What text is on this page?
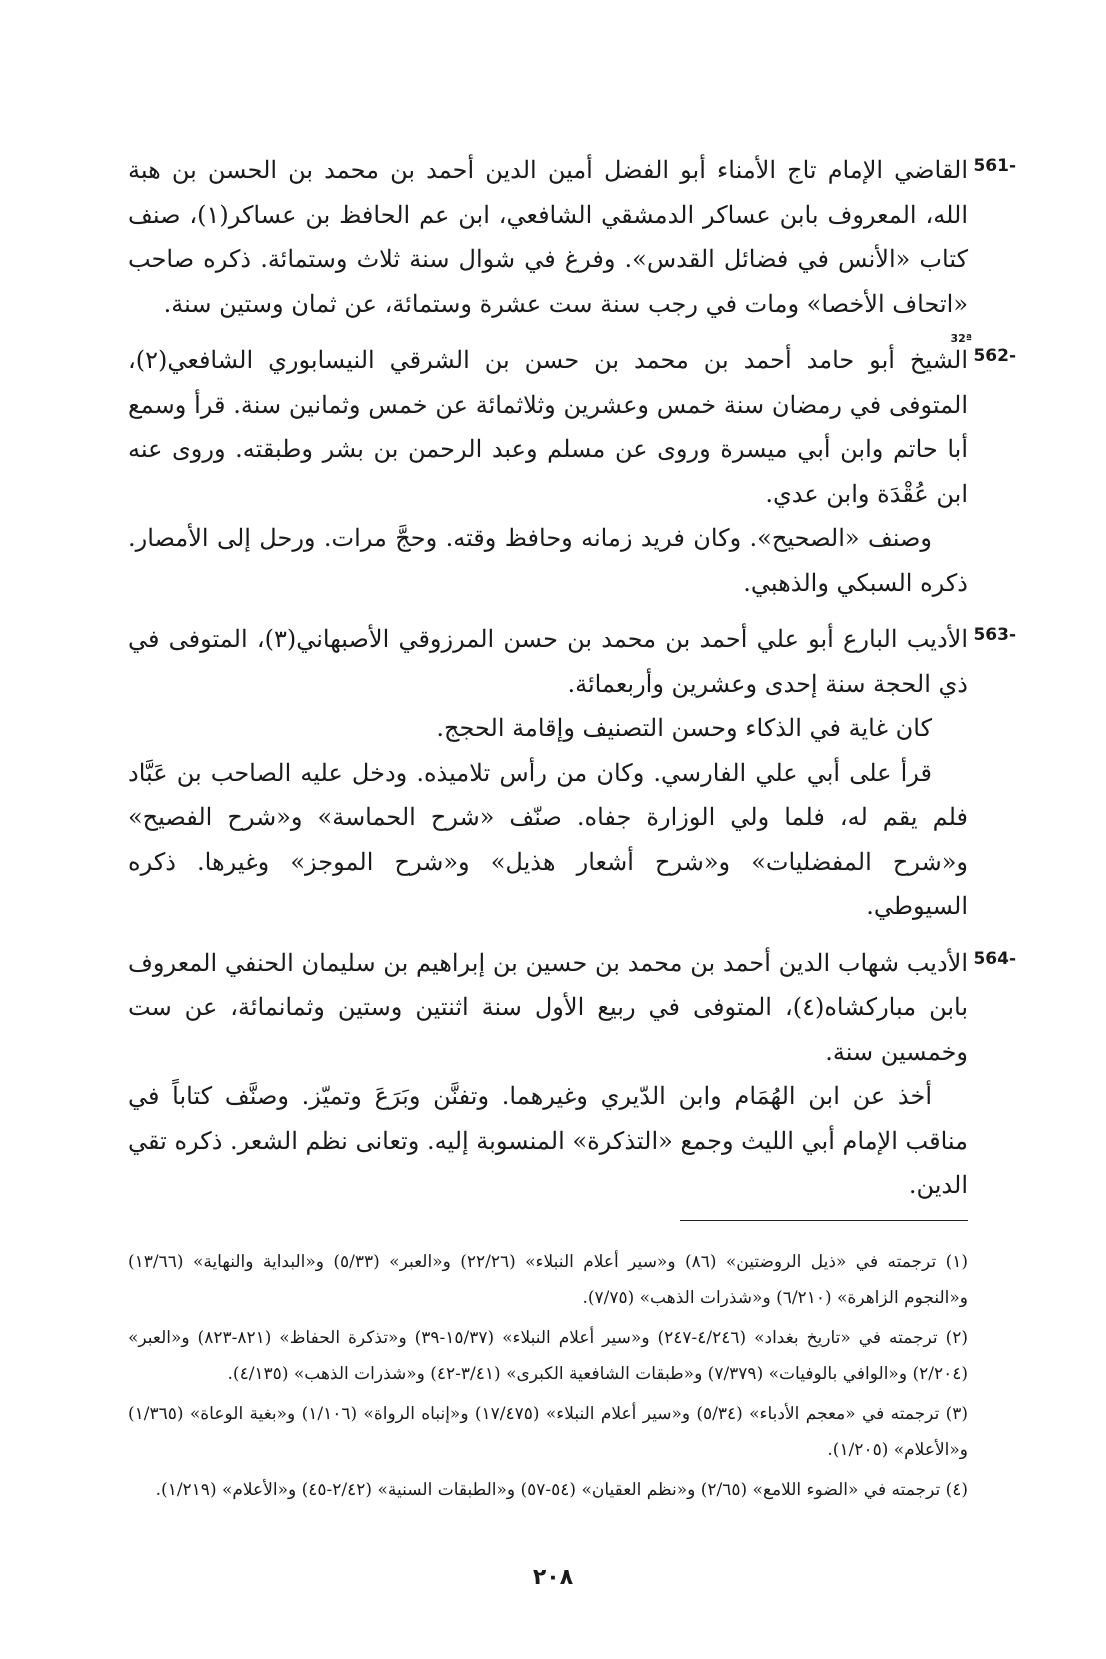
561-

القاضي الإمام تاج الأمناء أبو الفضل أمين الدين أحمد بن محمد بن الحسن بن هبة الله، المعروف بابن عساكر الدمشقي الشافعي، ابن عم الحافظ بن عساكر(١)، صنف كتاب «الأنس في فضائل القدس». وفرغ في شوال سنة ثلاث وستمائة. ذكره صاحب «اتحاف الأخصا» ومات في رجب سنة ست عشرة وستمائة، عن ثمان وستين سنة.

562-

الشيخ أبو حامد أحمد بن محمد بن حسن بن الشرقي النيسابوري الشافعي(٢)، المتوفى في رمضان سنة خمس وعشرين وثلاثمائة عن خمس وثمانين سنة. قرأ وسمع أبا حاتم وابن أبي ميسرة وروى عن مسلم وعبد الرحمن بن بشر وطبقته. وروى عنه ابن عُقْدَة وابن عدي.

وصنف «الصحيح». وكان فريد زمانه وحافظ وقته. وحجَّ مرات. ورحل إلى الأمصار. ذكره السبكي والذهبي.

563-

الأديب البارع أبو علي أحمد بن محمد بن حسن المرزوقي الأصبهاني(٣)، المتوفى في ذي الحجة سنة إحدى وعشرين وأربعمائة.

كان غاية في الذكاء وحسن التصنيف وإقامة الحجج.

قرأ على أبي علي الفارسي. وكان من رأس تلاميذه. ودخل عليه الصاحب بن عَبَّاد فلم يقم له، فلما ولي الوزارة جفاه. صنّف «شرح الحماسة» و«شرح الفصيح» و«شرح المفضليات» و«شرح أشعار هذيل» و«شرح الموجز» وغيرها. ذكره السيوطي.

564-

الأديب شهاب الدين أحمد بن محمد بن حسين بن إبراهيم بن سليمان الحنفي المعروف بابن مباركشاه(٤)، المتوفى في ربيع الأول سنة اثنتين وستين وثمانمائة، عن ست وخمسين سنة.

أخذ عن ابن الهُمَام وابن الدّيري وغيرهما. وتفنَّن وبَرَعَ وتميّز. وصنَّف كتاباً في مناقب الإمام أبي الليث وجمع «التذكرة» المنسوبة إليه. وتعانى نظم الشعر. ذكره تقي الدين.

32ª

(١) ترجمته في «ذيل الروضتين» (٨٦) و«سير أعلام النبلاء» (٢٢/٢٦) و«العبر» (٥/٣٣) و«البداية والنهاية» (١٣/٦٦) و«النجوم الزاهرة» (٦/٢١٠) و«شذرات الذهب» (٧/٧٥).

(٢) ترجمته في «تاريخ بغداد» (٤/٢٤٦-٢٤٧) و«سير أعلام النبلاء» (١٥/٣٧-٣٩) و«تذكرة الحفاظ» (٨٢١-٨٢٣) و«العبر» (٢/٢٠٤) و«الوافي بالوفيات» (٧/٣٧٩) و«طبقات الشافعية الكبرى» (٣/٤١-٤٢) و«شذرات الذهب» (٤/١٣٥).

(٣) ترجمته في «معجم الأدباء» (٥/٣٤) و«سير أعلام النبلاء» (١٧/٤٧٥) و«إنباه الرواة» (١/١٠٦) و«بغية الوعاة» (١/٣٦٥) و«الأعلام» (١/٢٠٥).

(٤) ترجمته في «الضوء اللامع» (٢/٦٥) و«نظم العقيان» (٥٤-٥٧) و«الطبقات السنية» (٢/٤٢-٤٥) و«الأعلام» (١/٢١٩).

٢٠٨
